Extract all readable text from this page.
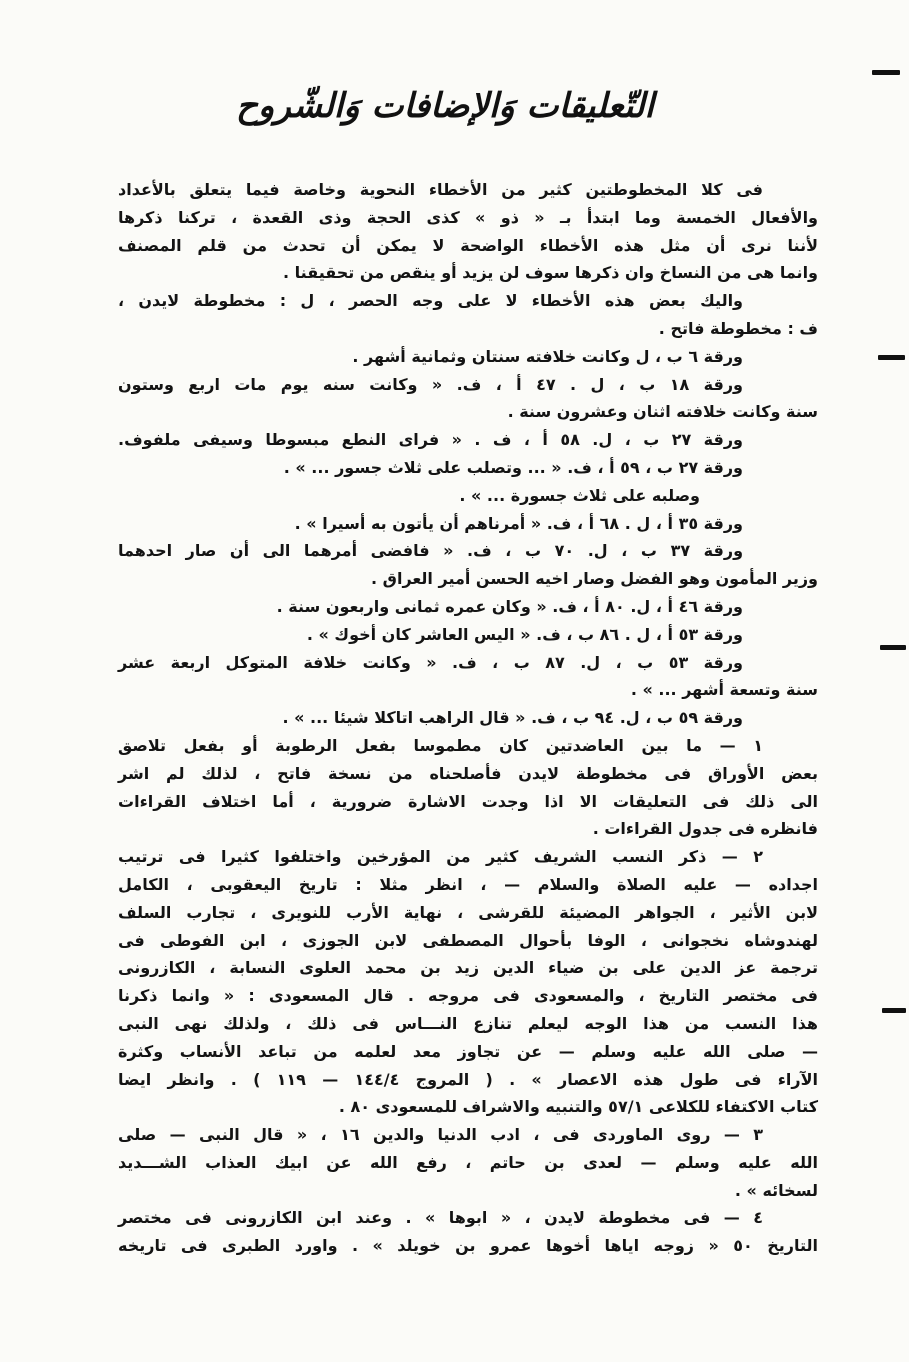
التّعليقات وَالإضافات وَالشّروح
فى كلا المخطوطتين كثير من الأخطاء النحوية وخاصة فيما يتعلق بالأعداد
والأفعال الخمسة وما ابتدأ بـ « ذو » كذى الحجة وذى القعدة ، تركنا ذكرها
لأننا نرى أن مثل هذه الأخطاء الواضحة لا يمكن أن تحدث من قلم المصنف
وانما هى من النساخ وان ذكرها سوف لن يزيد أو ينقص من تحقيقنا .
واليك بعض هذه الأخطاء لا على وجه الحصر ، ل : مخطوطة لايدن ،
ف : مخطوطة فاتح .
ورقة ٦ ب ، ل وكانت خلافته سنتان وثمانية أشهر .
ورقة ١٨ ب ، ل . ٤٧ أ ، ف. « وكانت سنه يوم مات اربع وستون
سنة وكانت خلافته اثنان وعشرون سنة .
ورقة ٢٧ ب ، ل. ٥٨ أ ، ف . « فراى النطع مبسوطا وسيفى ملفوف.
ورقة ٢٧ ب ، ٥٩ أ ، ف. « ... وتصلب على ثلاث جسور ... » .
وصلبه على ثلاث جسورة ... » .
ورقة ٣٥ أ ، ل . ٦٨ أ ، ف. « أمرناهم أن يأتون به أسيرا » .
ورقة ٣٧ ب ، ل. ٧٠ ب ، ف. « فافضى أمرهما الى أن صار احدهما
وزير المأمون وهو الفضل وصار اخيه الحسن أمير العراق .
ورقة ٤٦ أ ، ل. ٨٠ أ ، ف. « وكان عمره ثمانى واربعون سنة .
ورقة ٥٣ أ ، ل . ٨٦ ب ، ف. « اليس العاشر كان أخوك » .
ورقة ٥٣ ب ، ل. ٨٧ ب ، ف. « وكانت خلافة المتوكل اربعة عشر
سنة وتسعة أشهر ... » .
ورقة ٥٩ ب ، ل. ٩٤ ب ، ف. « قال الراهب اتاكلا شيئا ... » .
١ — ما بين العاضدتين كان مطموسا بفعل الرطوبة أو بفعل تلاصق
بعض الأوراق فى مخطوطة لايدن فأصلحناه من نسخة فاتح ، لذلك لم اشر
الى ذلك فى التعليقات الا اذا وجدت الاشارة ضرورية ، أما اختلاف القراءات
فانظره فى جدول القراءات .
٢ — ذكر النسب الشريف كثير من المؤرخين واختلفوا كثيرا فى ترتيب
اجداده — عليه الصلاة والسلام — ، انظر مثلا : تاريخ اليعقوبى ، الكامل
لابن الأثير ، الجواهر المضيئة للقرشى ، نهاية الأرب للنويرى ، تجارب السلف
لهندوشاه نخجوانى ، الوفا بأحوال المصطفى لابن الجوزى ، ابن الفوطى فى
ترجمة عز الدين على بن ضياء الدين زيد بن محمد العلوى النسابة ، الكازرونى
فى مختصر التاريخ ، والمسعودى فى مروجه . قال المسعودى : « وانما ذكرنا
هذا النسب من هذا الوجه ليعلم تنازع النـــاس فى ذلك ، ولذلك نهى النبى
— صلى الله عليه وسلم — عن تجاوز معد لعلمه من تباعد الأنساب وكثرة
الآراء فى طول هذه الاعصار » . ( المروج ١٤٤/٤ — ١١٩ ) . وانظر ايضا
كتاب الاكتفاء للكلاعى ٥٧/١ والتنبيه والاشراف للمسعودى ٨٠ .
٣ — روى الماوردى فى ، ادب الدنيا والدين ١٦ ، « قال النبى — صلى
الله عليه وسلم — لعدى بن حاتم ، رفع الله عن ابيك العذاب الشـــديد
لسخائه » .
٤ — فى مخطوطة لايدن ، « ابوها » . وعند ابن الكازرونى فى مختصر
التاريخ ٥٠ « زوجه اياها أخوها عمرو بن خويلد » . واورد الطبرى فى تاريخه
